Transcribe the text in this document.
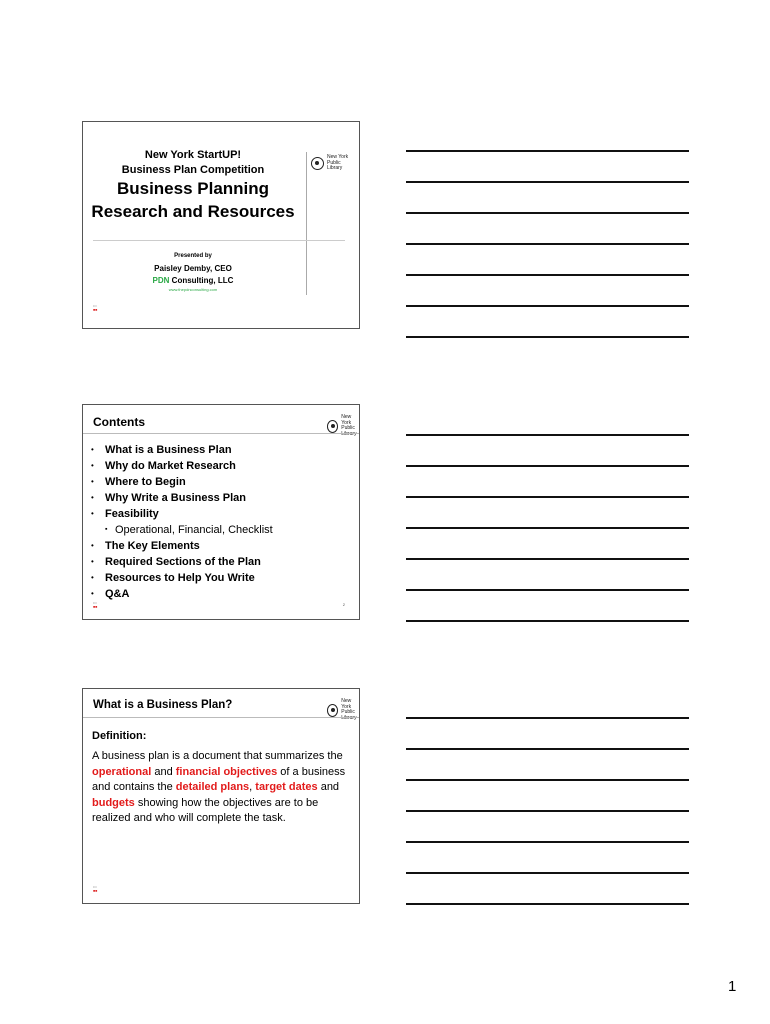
New York StartUP!
Business Plan Competition
Business Planning
Research and Resources
New York
Public
Library
Presented by
Paisley Demby, CEO
PDN Consulting, LLC
www.thepdnconsulting.com
•••
■■
Contents	New York
Public
•	What is a Business Plan
•	Why do Market Research
•	Where to Begin
•	Why Write a Business Plan
•	Feasibility
▪ Operational, Financial, Checklist
•	The Key Elements
•	Required Sections of the Plan
•	Resources to Help You Write
•	Q&A
•••
■■	2
What is a Business Plan?	New York
Public
Definition:
A business plan is a document that summarizes the operational and financial objectives of a business and contains the detailed plans, target dates and budgets showing how the objectives are to be realized and who will complete the task.
•••
■■
1
